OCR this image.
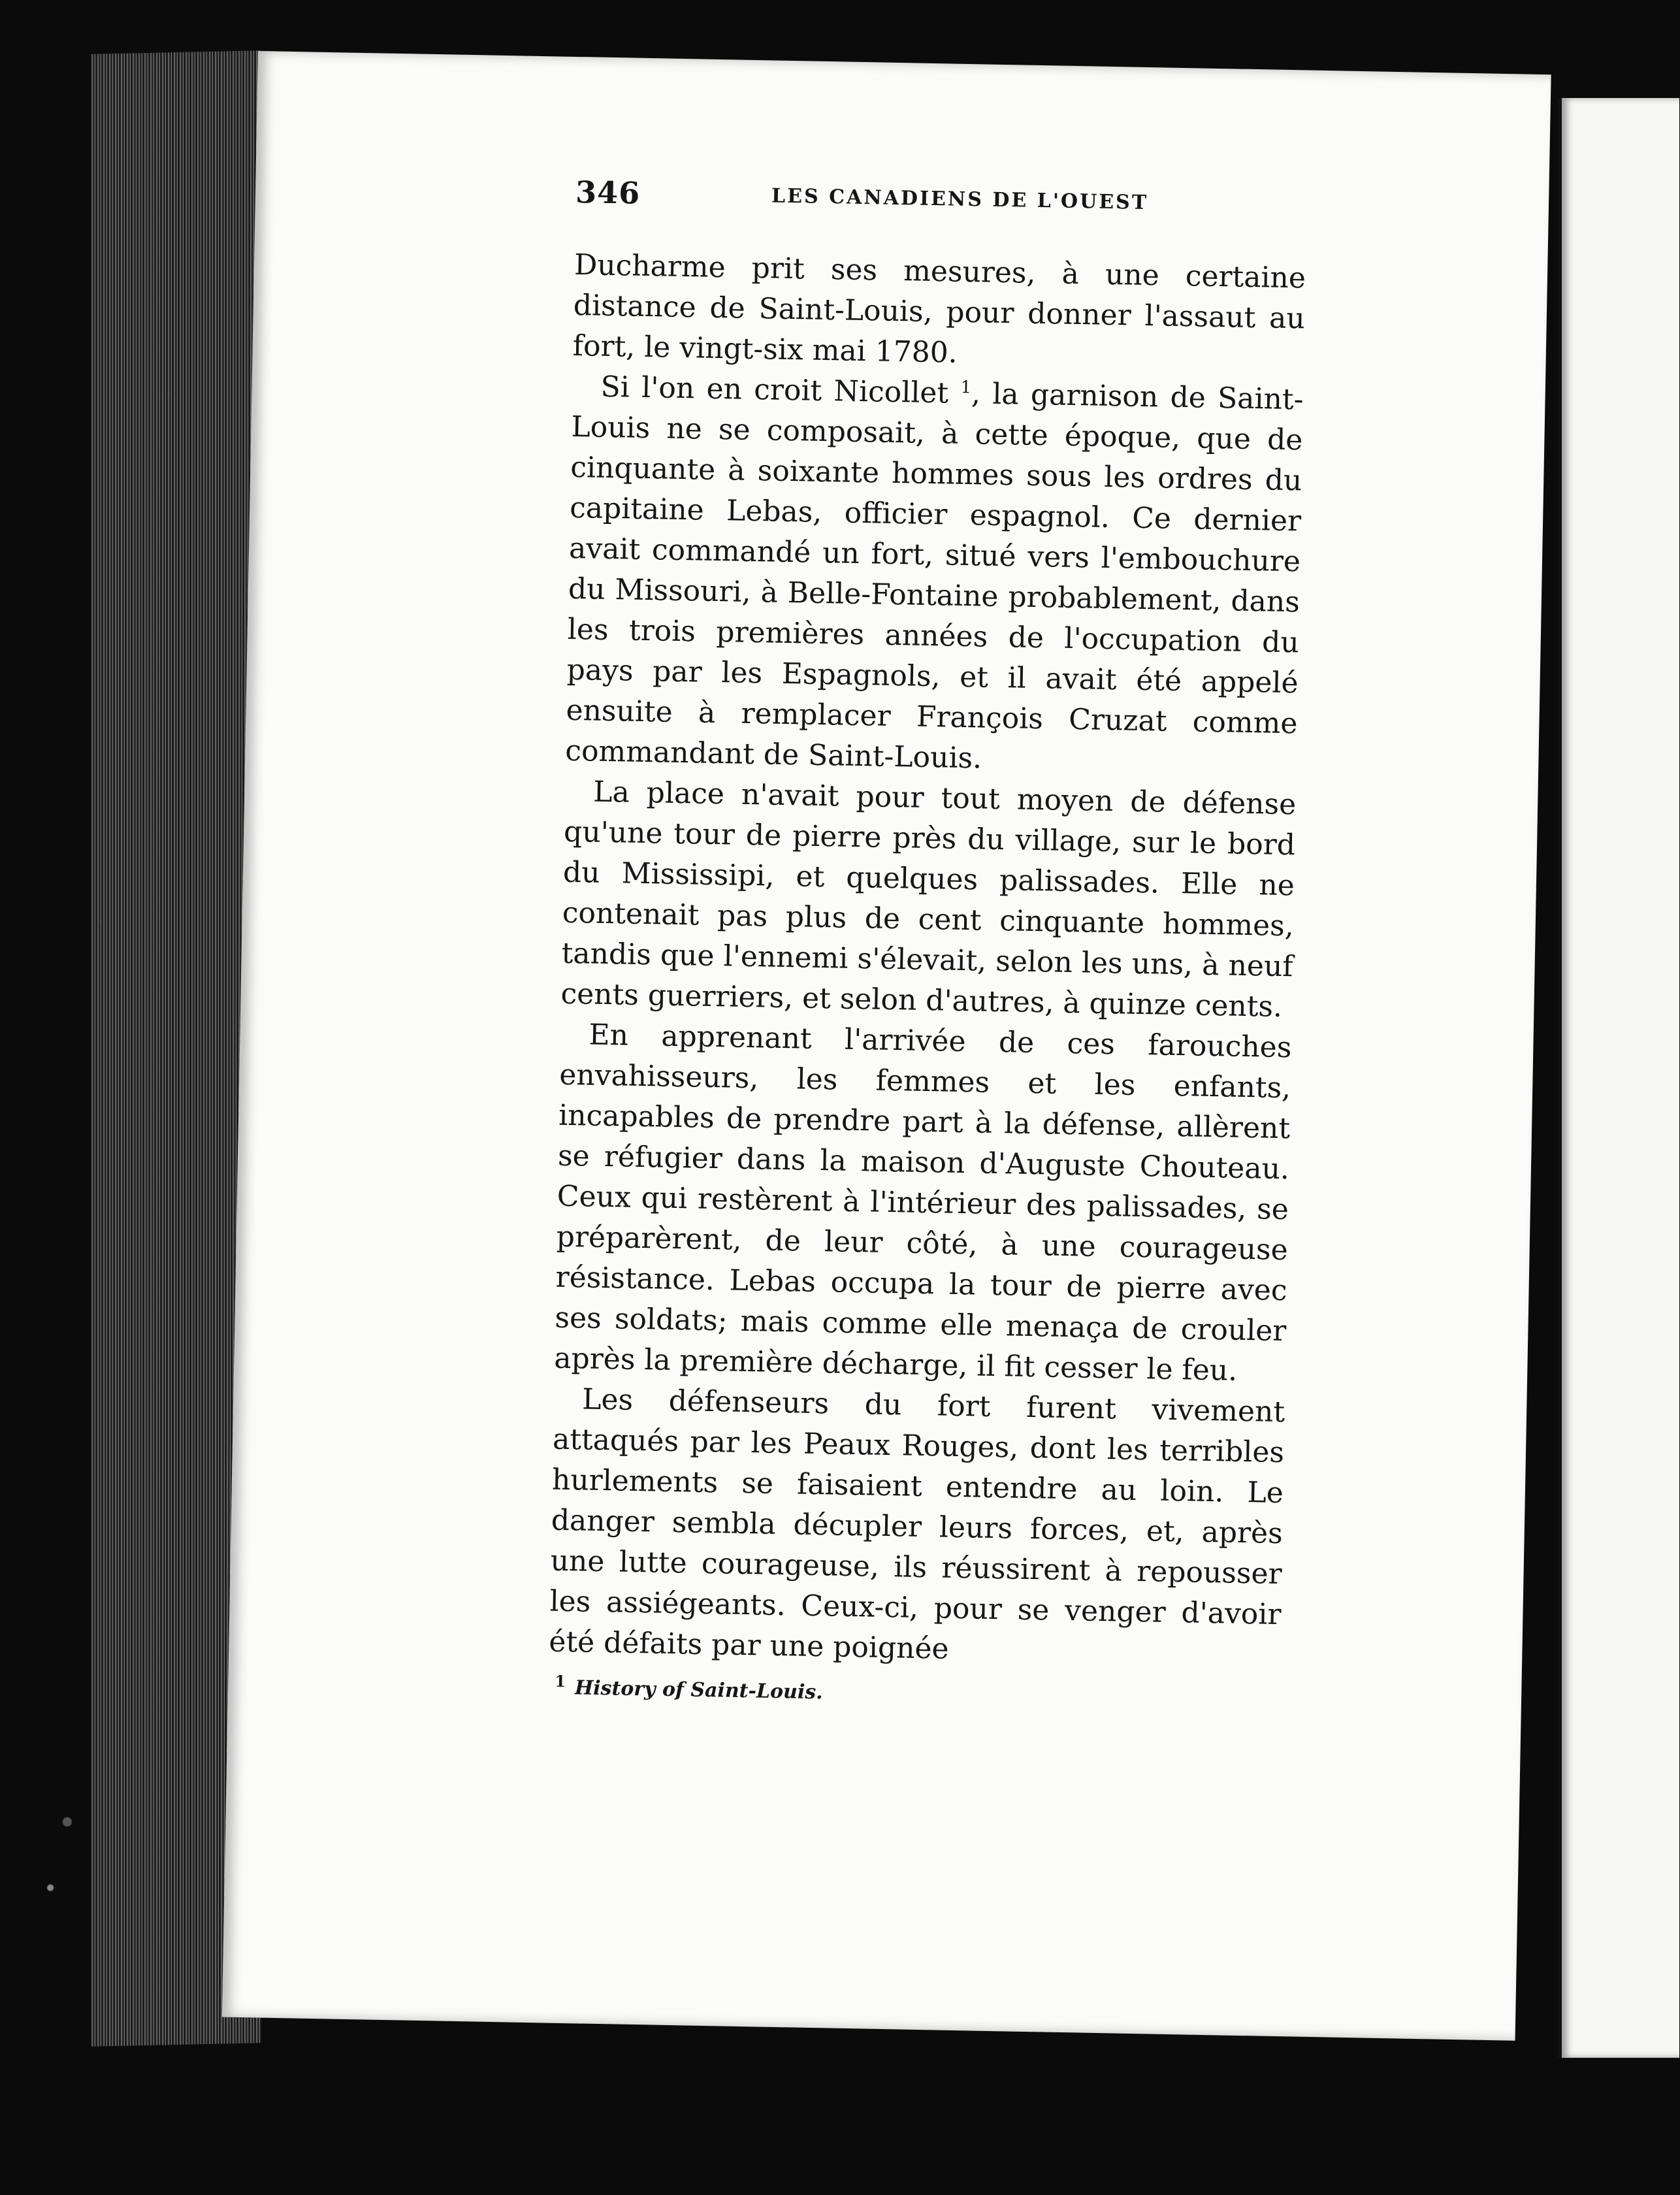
346	LES CANADIENS DE L'OUEST

Ducharme prit ses mesures, à une certaine distance de Saint-Louis, pour donner l'assaut au fort, le vingt-six mai 1780.

Si l'on en croit Nicollet $^1$, la garnison de Saint-Louis ne se composait, à cette époque, que de cinquante à soixante hommes sous les ordres du capitaine Lebas, officier espagnol. Ce dernier avait commandé un fort, situé vers l'embouchure du Missouri, à Belle-Fontaine probablement, dans les trois premières années de l'occupation du pays par les Espagnols, et il avait été appelé ensuite à remplacer François Cruzat comme commandant de Saint-Louis.

La place n'avait pour tout moyen de défense qu'une tour de pierre près du village, sur le bord du Mississipi, et quelques palissades. Elle ne contenait pas plus de cent cinquante hommes, tandis que l'ennemi s'élevait, selon les uns, à neuf cents guerriers, et selon d'autres, à quinze cents.

En apprenant l'arrivée de ces farouches envahisseurs, les femmes et les enfants, incapables de prendre part à la défense, allèrent se réfugier dans la maison d'Auguste Chouteau. Ceux qui restèrent à l'intérieur des palissades, se préparèrent, de leur côté, à une courageuse résistance. Lebas occupa la tour de pierre avec ses soldats; mais comme elle menaça de crouler après la première décharge, il fit cesser le feu.

Les défenseurs du fort furent vivement attaqués par les Peaux Rouges, dont les terribles hurlements se faisaient entendre au loin. Le danger sembla décupler leurs forces, et, après une lutte courageuse, ils réussirent à repousser les assiégeants. Ceux-ci, pour se venger d'avoir été défaits par une poignée

$^1$ History of Saint-Louis.
